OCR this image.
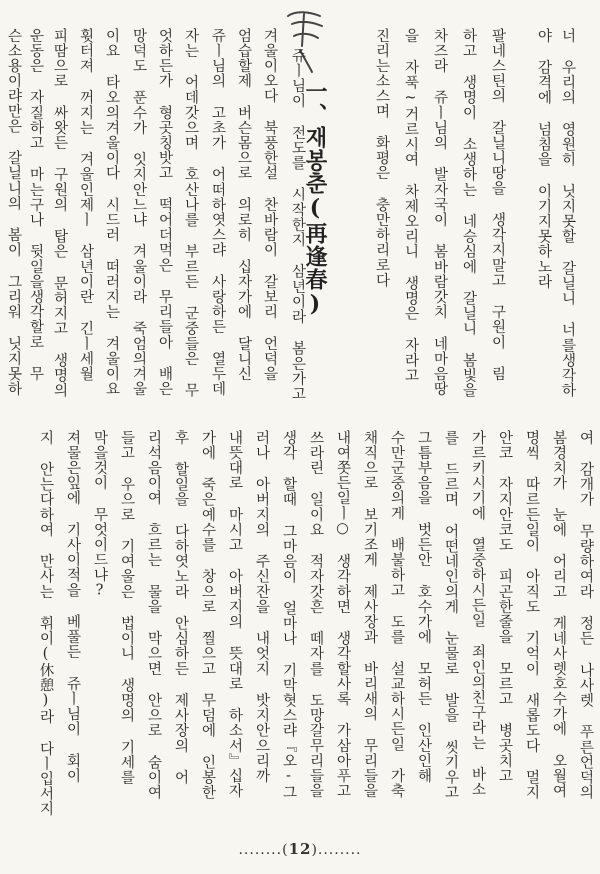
너 우리의 영원히 닛지못할 갈닐니 너를생각하
야 감격에 넘침을 이기지못하노라
팔네스틴의 갈닐니땅을 생각지말고 구원이 림
하고 생명이 소생하는 네승심에 갈닐니 봄빛을
차즈라 쥬ㅣ님의 발자국이 봄바람갓치 네마음땅
을 자푹~거르시여 차제오리니 생명은 자라고
진리는소스며 화평은 충만하리로다
一、재봉춘(再逢春)
쥬ㅣ님이 전도를 시작한지 삼년이라 봄은가고
겨울이오다 북풍한설 찬바람이 갈보리 언덕을
엄습할제 버슨몸으로 의로히 십자가에 달니신
쥬ㅣ님의 고초가 어떠하엿스랴 사랑하든 열두데
자는 어데갓으며 호산나를 부르든 군중들은 무
엇하든가 형곳칭밧고 떡어더먹은 무리들아 배은
망덕도 푼수가 잇지안느냐 겨울이라 죽엄의겨울
이요 타오의겨울이다 시드러 떠러지는 겨울이요
휫터져 꺼지는 겨울인제ㅣ 삼년이란 긴ㅣ세월
피땀으로 싸왓든 구원의 탑은 문허지고 생명의
운동은 자질하고 마는구나 뒷일을생각할로 무
슨소용이랴만은 갈닐니의 봄이 그리워 닛지못하
여 감개가 무량하여라 정든 나사렛 푸른언덕의
봄경치가 눈에 어리고 게네사렛호수가에 오월여
명씩 따르든일이 아직도 기억이 새롭도다 멀지
안코 자지안코도 피곤한줄을 모르고 병곳치고
가르키시기에 열중하시든일 죄인의친구라는 바소
를 드르며 어떤네인의게 눈물로 발을 씻기우고
그틈부음을 벗든안 호수가에 모허든 인산인해
수만군중의게 배불하고 도를 설교하시든일 가축
채직으로 보기조게 제사장과 바리새의 무리들을
내여쫏든일ㅣ○ 생각하면 생각할사록 가삼아푸고
쓰라린 일이요 적자갓흔 떼자를 도망갈무리들을
생각 할때 그마음이 얼마나 기막혓스랴『오-그
러나 아버지의 주신잔을 내엇지 밧지안으리까
내뜻대로 마시고 아버지의 뜻대로 하소서』십자
가에 죽은예수를 창으로 찔으고 무덤에 인봉한
후 할일을 다하엿노라 안심하든 제사장의 어
리석음이여 흐르는 물을 막으면 안으로 숨이여
들고 우으로 기여울은 법이니 생명의 기세를
막을것이 무엇이드냐?
져물은잎에 기사이적을 베풀든 쥬ㅣ님이 회이
지 안는다하여 만사는 휘이(休憩)라 다ㅣ입서지
........(12)........
